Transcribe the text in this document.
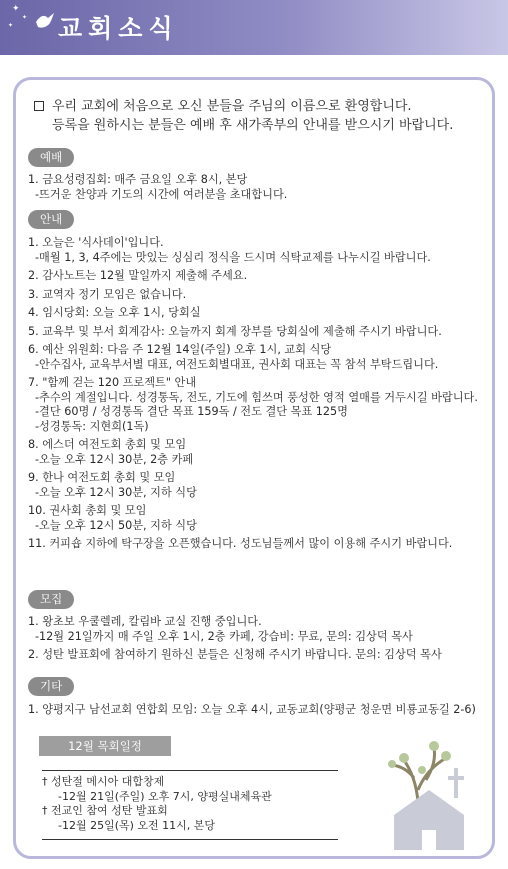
✦
✦
✦ 교회소식
우리 교회에 처음으로 오신 분들을 주님의 이름으로 환영합니다.
등록을 원하시는 분들은 예배 후 새가족부의 안내를 받으시기 바랍니다.
예배
1. 금요성령집회: 매주 금요일 오후 8시, 본당
-뜨거운 찬양과 기도의 시간에 여러분을 초대합니다.
안내
1. 오늘은 '식사데이'입니다.
-매월 1, 3, 4주에는 맛있는 싱심리 정식을 드시며 식탁교제를 나누시길 바랍니다.
2. 감사노트는 12월 말일까지 제출해 주세요.
3. 교역자 정기 모임은 없습니다.
4. 임시당회: 오늘 오후 1시, 당회실
5. 교육부 및 부서 회계감사: 오늘까지 회계 장부를 당회실에 제출해 주시기 바랍니다.
6. 예산 위원회: 다음 주 12월 14일(주일) 오후 1시, 교회 식당
-안수집사, 교육부서별 대표, 여전도회별대표, 권사회 대표는 꼭 참석 부탁드립니다.
7. "함께 걷는 120 프로젝트" 안내
-추수의 계절입니다. 성경통독, 전도, 기도에 힘쓰며 풍성한 영적 열매를 거두시길 바랍니다.
-결단 60명 / 성경통독 결단 목표 159독 / 전도 결단 목표 125명
-성경통독: 지현희(1독)
8. 에스더 여전도회 총회 및 모임
-오늘 오후 12시 30분, 2층 카페
9. 한나 여전도회 총회 및 모임
-오늘 오후 12시 30분, 지하 식당
10. 권사회 총회 및 모임
-오늘 오후 12시 50분, 지하 식당
11. 커피숍 지하에 탁구장을 오픈했습니다. 성도님들께서 많이 이용해 주시기 바랍니다.
모집
1. 왕초보 우쿨렐레, 칼림바 교실 진행 중입니다.
-12월 21일까지 매 주일 오후 1시, 2층 카페, 강습비: 무료, 문의: 김상덕 목사
2. 성탄 발표회에 참여하기 원하신 분들은 신청해 주시기 바랍니다. 문의: 김상덕 목사
기타
1. 양평지구 남선교회 연합회 모임: 오늘 오후 4시, 교동교회(양평군 청운면 비룡교동길 2-6)
12월 목회일정
† 성탄절 메시아 대합창제
-12월 21일(주일) 오후 7시, 양평실내체육관
† 전교인 참여 성탄 발표회
-12월 25일(목) 오전 11시, 본당
